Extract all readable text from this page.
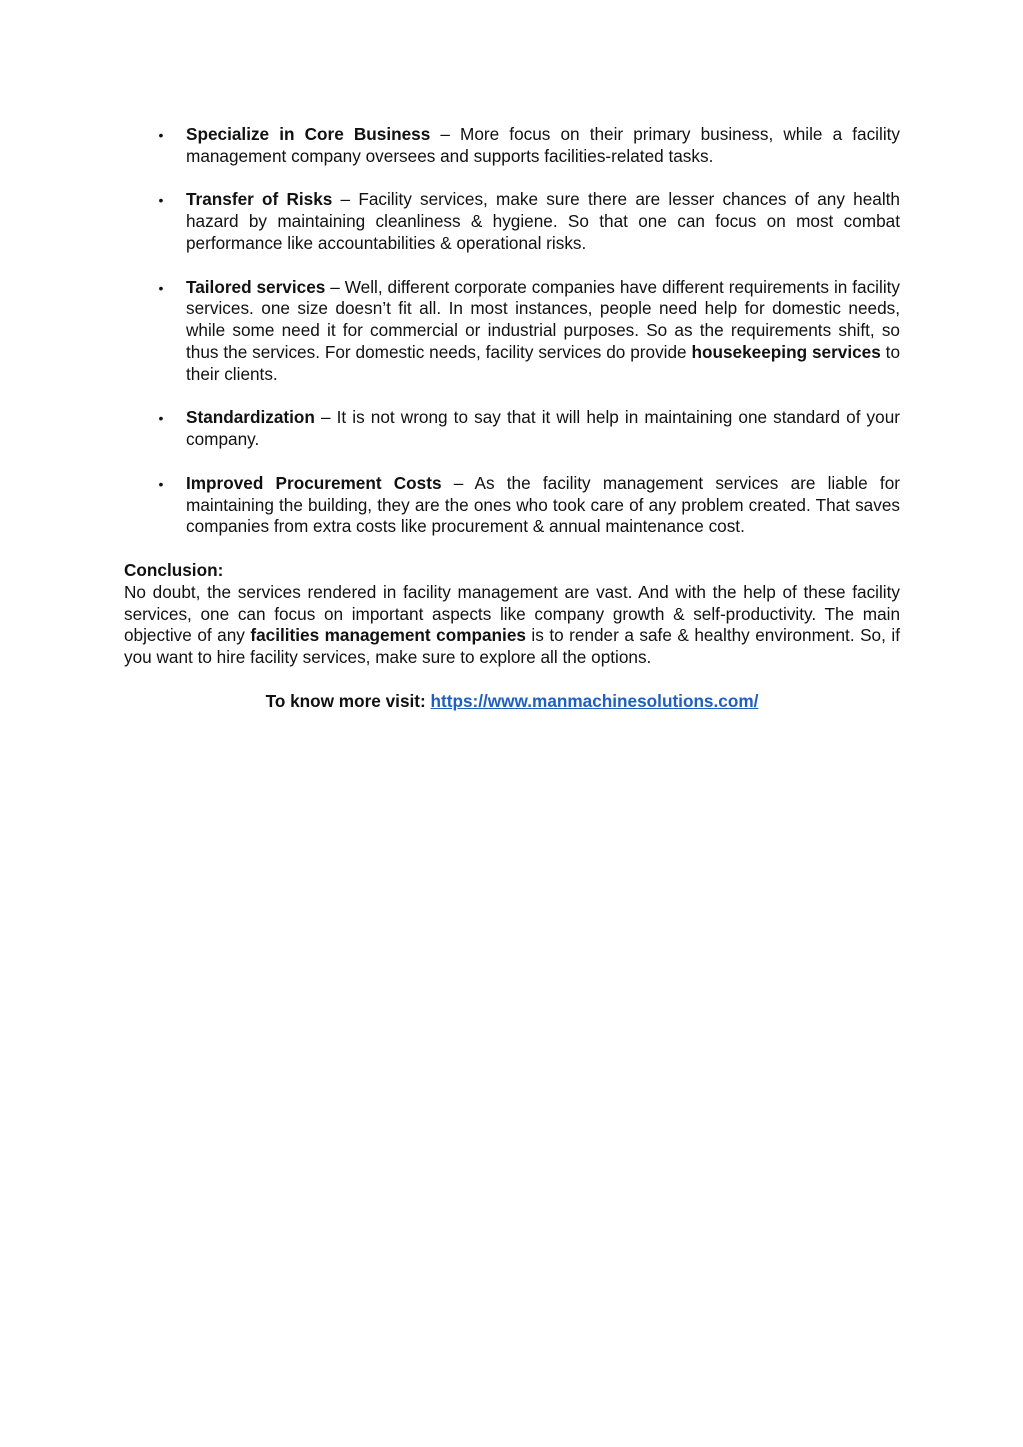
•
Specialize in Core Business – More focus on their primary business, while a facility management company oversees and supports facilities-related tasks.
•
Transfer of Risks – Facility services, make sure there are lesser chances of any health hazard by maintaining cleanliness & hygiene. So that one can focus on most combat performance like accountabilities & operational risks.
•
Tailored services – Well, different corporate companies have different requirements in facility services. one size doesn’t fit all. In most instances, people need help for domestic needs, while some need it for commercial or industrial purposes. So as the requirements shift, so thus the services. For domestic needs, facility services do provide housekeeping services to their clients.
•
Standardization – It is not wrong to say that it will help in maintaining one standard of your company.
•
Improved Procurement Costs – As the facility management services are liable for maintaining the building, they are the ones who took care of any problem created. That saves companies from extra costs like procurement & annual maintenance cost.

Conclusion:

No doubt, the services rendered in facility management are vast. And with the help of these facility services, one can focus on important aspects like company growth & self-productivity. The main objective of any facilities management companies is to render a safe & healthy environment. So, if you want to hire facility services, make sure to explore all the options.

To know more visit: https://www.manmachinesolutions.com/
